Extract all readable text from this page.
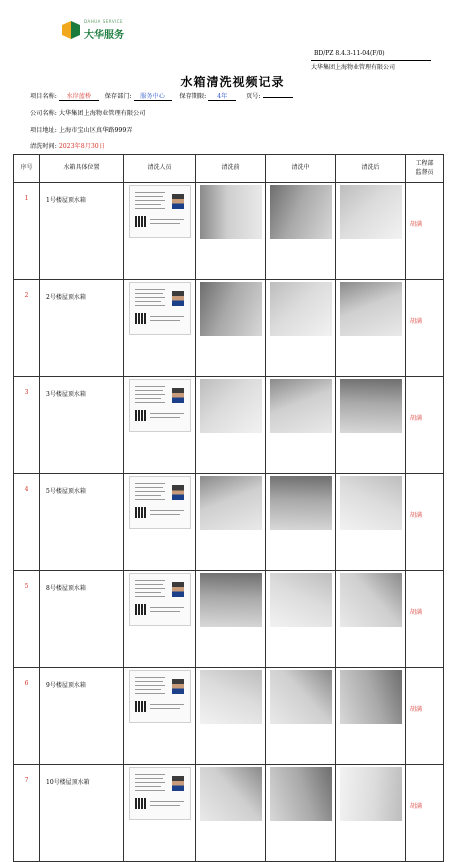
DAHUA SERVICE
大华服务
BD/PZ 8.4.3-11-04(F/0)
大华集团上海物业管理有限公司
水箱清洗视频记录
项目名称: 水岸蓝桥 保存部门: 服务中心 保存期限: 4年	页号:
公司名称: 大华集团上海物业管理有限公司
项目地址: 上海市宝山区真华路999弄
清洗时间: 2023年8月30日
序号	水箱具体位置	清洗人员	清洗前	清洗中	清洗后	工程部
监督员
1	1号楼屋顶水箱					胡满
2	2号楼屋顶水箱					胡满
3	3号楼屋顶水箱					胡满
4	5号楼屋顶水箱					胡满
5	8号楼屋顶水箱					胡满
6	9号楼屋顶水箱					胡满
7	10号楼屋顶水箱					胡满
